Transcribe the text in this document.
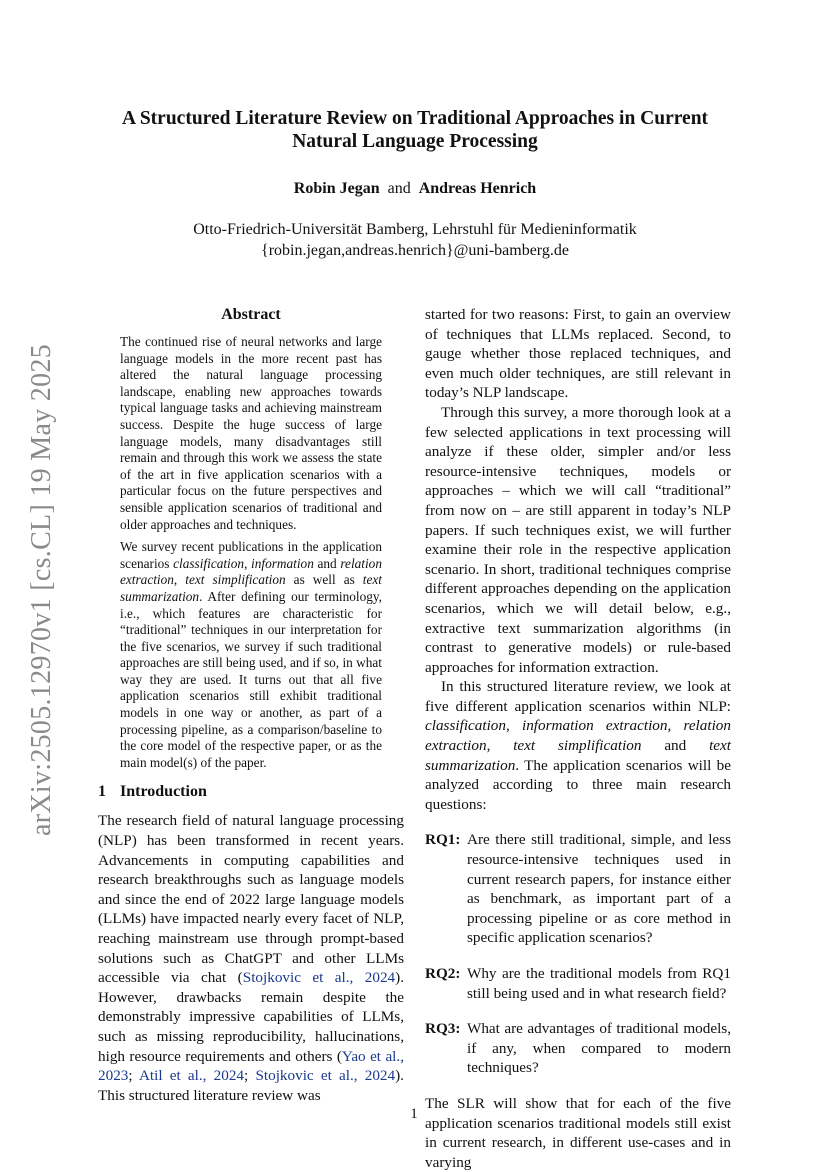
arXiv:2505.12970v1 [cs.CL] 19 May 2025
A Structured Literature Review on Traditional Approaches in Current
Natural Language Processing
Robin Jegan and Andreas Henrich
Otto-Friedrich-Universität Bamberg, Lehrstuhl für Medieninformatik
{robin.jegan,andreas.henrich}@uni-bamberg.de
Abstract

The continued rise of neural networks and large language models in the more recent past has altered the natural language processing landscape, enabling new approaches towards typical language tasks and achieving mainstream success. Despite the huge success of large language models, many disadvantages still remain and through this work we assess the state of the art in five application scenarios with a particular focus on the future perspectives and sensible application scenarios of traditional and older approaches and techniques.

We survey recent publications in the application scenarios classification, information and relation extraction, text simplification as well as text summarization. After defining our terminology, i.e., which features are characteristic for “traditional” techniques in our interpretation for the five scenarios, we survey if such traditional approaches are still being used, and if so, in what way they are used. It turns out that all five application scenarios still exhibit traditional models in one way or another, as part of a processing pipeline, as a comparison/baseline to the core model of the respective paper, or as the main model(s) of the paper.

1 Introduction

The research field of natural language processing (NLP) has been transformed in recent years. Advancements in computing capabilities and research breakthroughs such as language models and since the end of 2022 large language models (LLMs) have impacted nearly every facet of NLP, reaching mainstream use through prompt-based solutions such as ChatGPT and other LLMs accessible via chat (Stojkovic et al., 2024). However, drawbacks remain despite the demonstrably impressive capabilities of LLMs, such as missing reproducibility, hallucinations, high resource requirements and others (Yao et al., 2023; Atil et al., 2024; Stojkovic et al., 2024). This structured literature review was

started for two reasons: First, to gain an overview of techniques that LLMs replaced. Second, to gauge whether those replaced techniques, and even much older techniques, are still relevant in today’s NLP landscape.

Through this survey, a more thorough look at a few selected applications in text processing will analyze if these older, simpler and/or less resource-intensive techniques, models or approaches – which we will call “traditional” from now on – are still apparent in today’s NLP papers. If such techniques exist, we will further examine their role in the respective application scenario. In short, traditional techniques comprise different approaches depending on the application scenarios, which we will detail below, e.g., extractive text summarization algorithms (in contrast to generative models) or rule-based approaches for information extraction.

In this structured literature review, we look at five different application scenarios within NLP: classification, information extraction, relation extraction, text simplification and text summarization. The application scenarios will be analyzed according to three main research questions:

RQ1: Are there still traditional, simple, and less resource-intensive techniques used in current research papers, for instance either as benchmark, as important part of a processing pipeline or as core method in specific application scenarios?
RQ2: Why are the traditional models from RQ1 still being used and in what research field?
RQ3: What are advantages of traditional models, if any, when compared to modern techniques?

The SLR will show that for each of the five application scenarios traditional models still exist in current research, in different use-cases and in varying

1
